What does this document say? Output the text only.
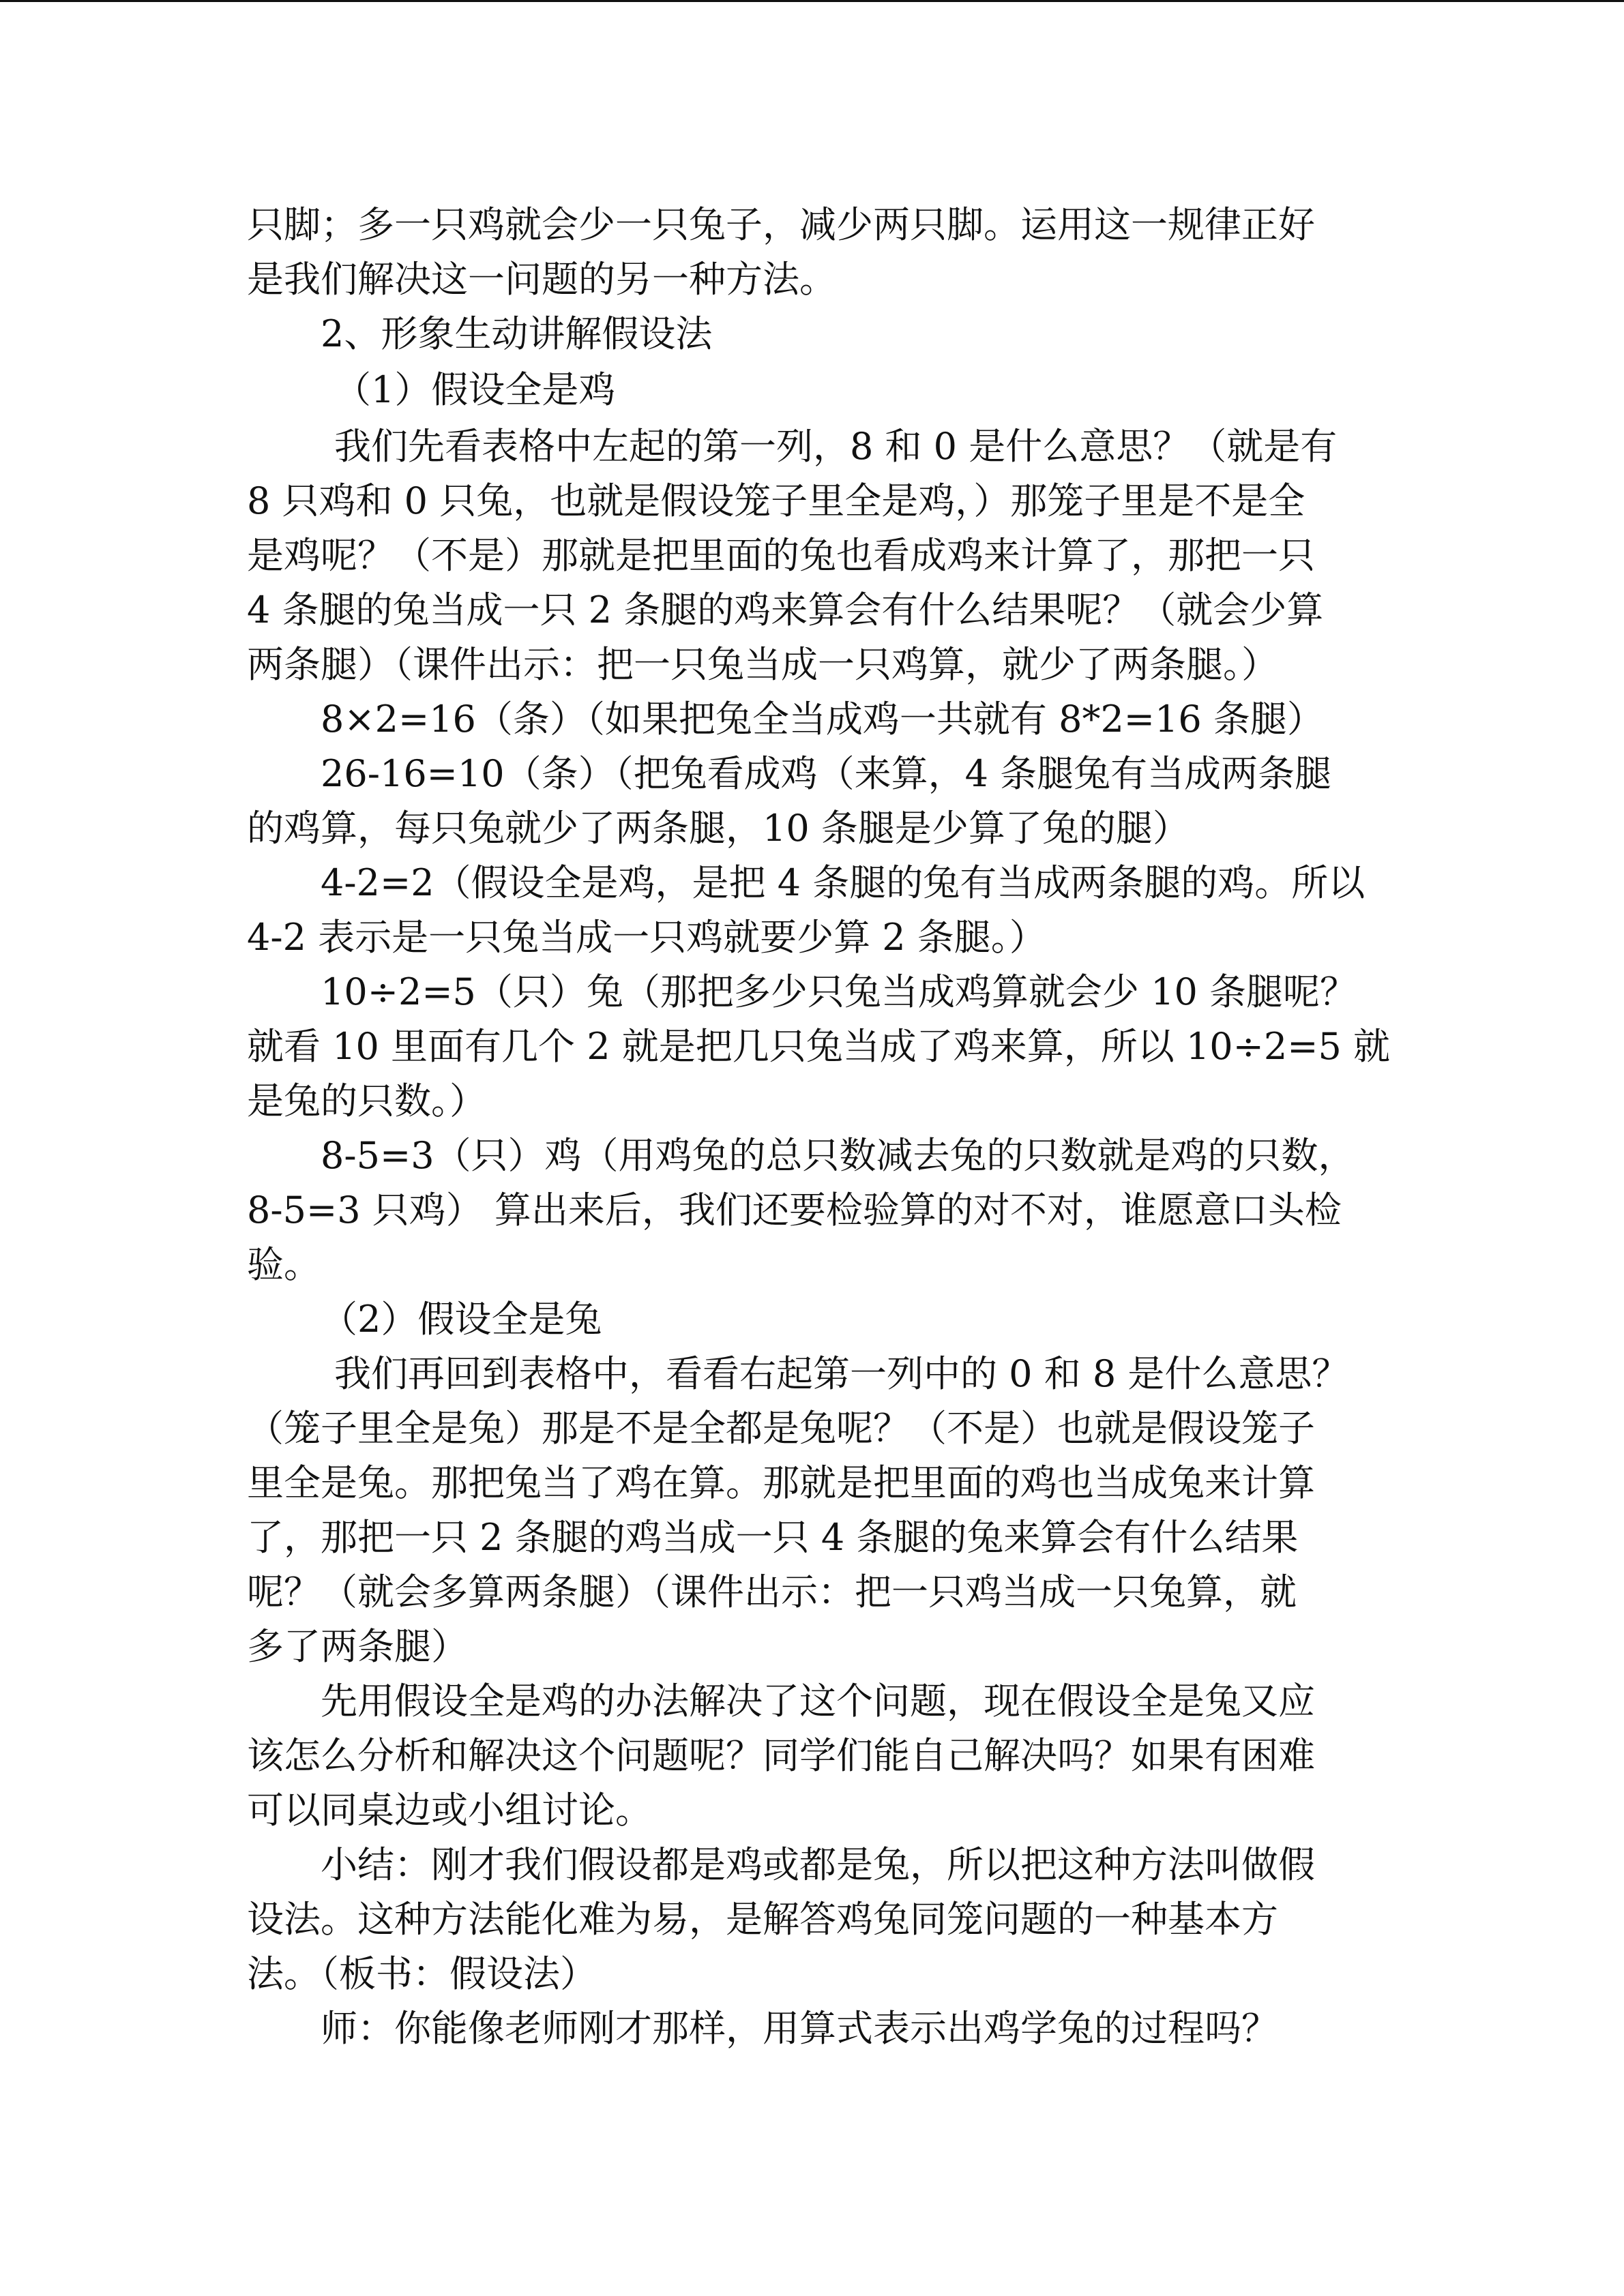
只脚；多一只鸡就会少一只兔子，减少两只脚。运用这一规律正好
是我们解决这一问题的另一种方法。
2、形象生动讲解假设法
（1）假设全是鸡
我们先看表格中左起的第一列，8 和 0 是什么意思？（就是有
8 只鸡和 0 只兔，也就是假设笼子里全是鸡，）那笼子里是不是全
是鸡呢？（不是）那就是把里面的兔也看成鸡来计算了，那把一只
4 条腿的兔当成一只 2 条腿的鸡来算会有什么结果呢？（就会少算
两条腿）（课件出示：把一只兔当成一只鸡算，就少了两条腿。）
8×2=16（条）（如果把兔全当成鸡一共就有 8*2=16 条腿）
26-16=10（条）（把兔看成鸡（来算，4 条腿兔有当成两条腿
的鸡算，每只兔就少了两条腿，10 条腿是少算了兔的腿）
4-2=2（假设全是鸡，是把 4 条腿的兔有当成两条腿的鸡。所以
4-2 表示是一只兔当成一只鸡就要少算 2 条腿。）
10÷2=5（只）兔（那把多少只兔当成鸡算就会少 10 条腿呢？
就看 10 里面有几个 2 就是把几只兔当成了鸡来算，所以 10÷2=5 就
是兔的只数。）
8-5=3（只）鸡（用鸡兔的总只数减去兔的只数就是鸡的只数，
8-5=3 只鸡） 算出来后，我们还要检验算的对不对，谁愿意口头检
验。
（2）假设全是兔
我们再回到表格中，看看右起第一列中的 0 和 8 是什么意思？
（笼子里全是兔）那是不是全都是兔呢？（不是）也就是假设笼子
里全是兔。那把兔当了鸡在算。那就是把里面的鸡也当成兔来计算
了，那把一只 2 条腿的鸡当成一只 4 条腿的兔来算会有什么结果
呢？（就会多算两条腿）（课件出示：把一只鸡当成一只兔算，就
多了两条腿）
先用假设全是鸡的办法解决了这个问题，现在假设全是兔又应
该怎么分析和解决这个问题呢？同学们能自己解决吗？如果有困难
可以同桌边或小组讨论。
小结：刚才我们假设都是鸡或都是兔，所以把这种方法叫做假
设法。这种方法能化难为易，是解答鸡兔同笼问题的一种基本方
法。（板书：假设法）
师：你能像老师刚才那样，用算式表示出鸡学兔的过程吗？
